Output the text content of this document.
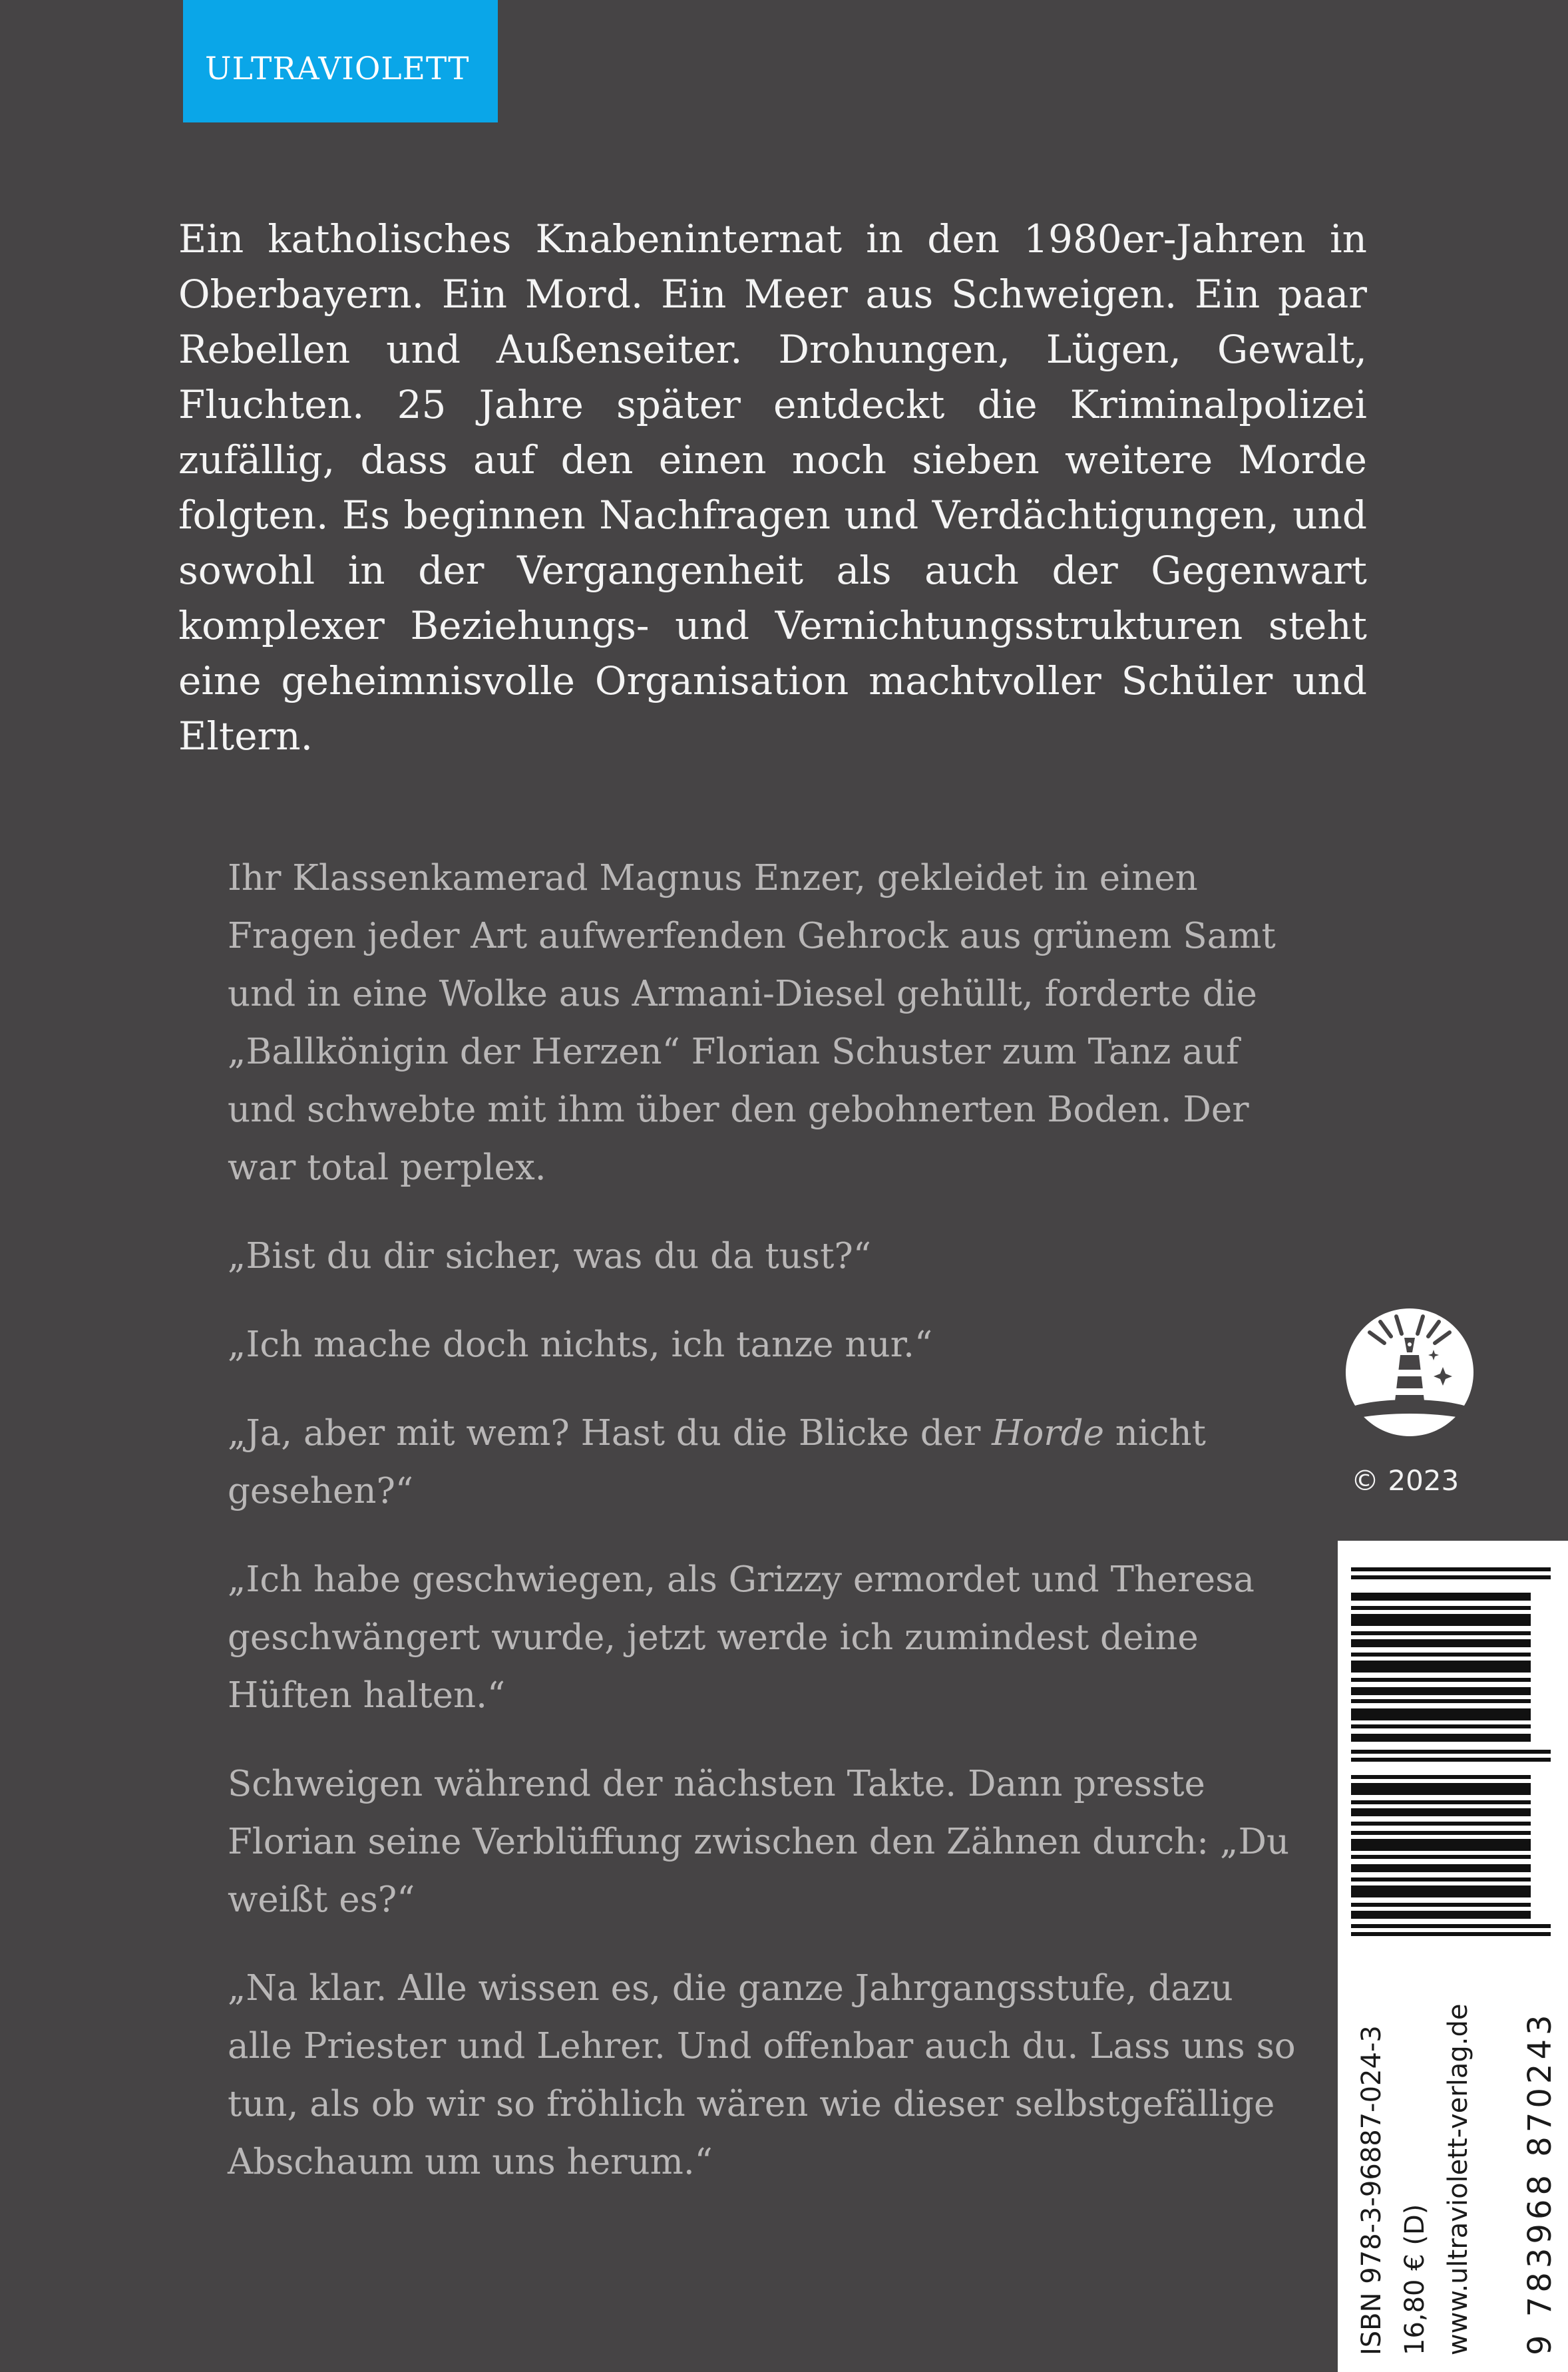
ULTRAVIOLETT

Ein katholisches Knabeninternat in den 1980er-Jahren in Oberbayern. Ein Mord. Ein Meer aus Schweigen. Ein paar Rebellen und Außenseiter. Drohungen, Lügen, Gewalt, Fluchten. 25 Jahre später entdeckt die Kriminalpolizei zufällig, dass auf den einen noch sieben weitere Morde folgten. Es beginnen Nachfragen und Verdächtigungen, und sowohl in der Vergangenheit als auch der Gegenwart komplexer Beziehungs- und Vernichtungsstrukturen steht eine geheimnisvolle Organisation machtvoller Schüler und Eltern.

Ihr Klassenkamerad Magnus Enzer, gekleidet in einen Fragen jeder Art aufwerfenden Gehrock aus grünem Samt und in eine Wolke aus Armani-Diesel gehüllt, forderte die „Ballkönigin der Herzen“ Florian Schuster zum Tanz auf und schwebte mit ihm über den gebohnerten Boden. Der war total perplex.

„Bist du dir sicher, was du da tust?“

„Ich mache doch nichts, ich tanze nur.“

„Ja, aber mit wem? Hast du die Blicke der Horde nicht gesehen?“

„Ich habe geschwiegen, als Grizzy ermordet und Theresa geschwängert wurde, jetzt werde ich zumindest deine Hüften halten.“

Schweigen während der nächsten Takte. Dann presste Florian seine Verblüffung zwischen den Zähnen durch: „Du weißt es?“

„Na klar. Alle wissen es, die ganze Jahrgangsstufe, dazu alle Priester und Lehrer. Und offenbar auch du. Lass uns so tun, als ob wir so fröhlich wären wie dieser selbstgefällige Abschaum um uns herum.“

© 2023
ISBN 978-3-96887-024-3 16,80 € (D) www.ultraviolett-verlag.de 9 783968 870243
